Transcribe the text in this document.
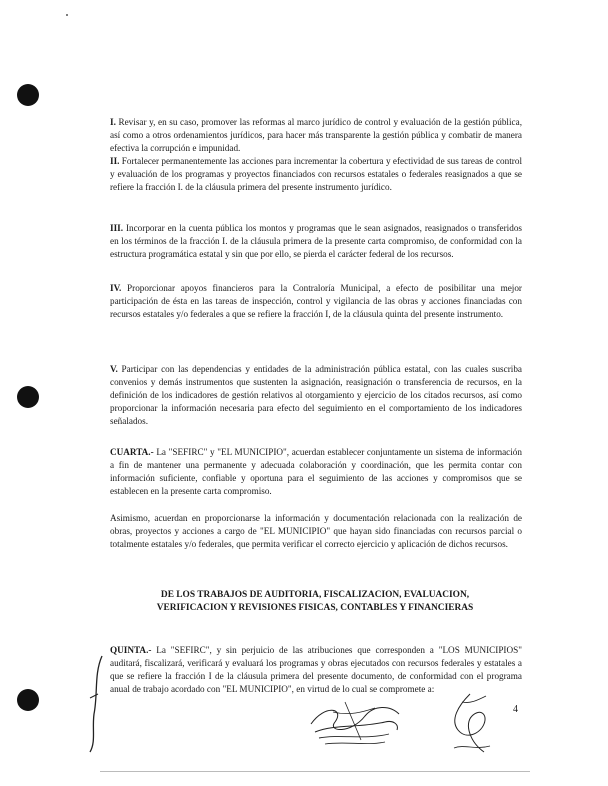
I. Revisar y, en su caso, promover las reformas al marco jurídico de control y evaluación de la gestión pública, así como a otros ordenamientos jurídicos, para hacer más transparente la gestión pública y combatir de manera efectiva la corrupción e impunidad.

II. Fortalecer permanentemente las acciones para incrementar la cobertura y efectividad de sus tareas de control y evaluación de los programas y proyectos financiados con recursos estatales o federales reasignados a que se refiere la fracción I. de la cláusula primera del presente instrumento jurídico.

III. Incorporar en la cuenta pública los montos y programas que le sean asignados, reasignados o transferidos en los términos de la fracción I. de la cláusula primera de la presente carta compromiso, de conformidad con la estructura programática estatal y sin que por ello, se pierda el carácter federal de los recursos.

IV. Proporcionar apoyos financieros para la Contraloría Municipal, a efecto de posibilitar una mejor participación de ésta en las tareas de inspección, control y vigilancia de las obras y acciones financiadas con recursos estatales y/o federales a que se refiere la fracción I, de la cláusula quinta del presente instrumento.

V. Participar con las dependencias y entidades de la administración pública estatal, con las cuales suscriba convenios y demás instrumentos que sustenten la asignación, reasignación o transferencia de recursos, en la definición de los indicadores de gestión relativos al otorgamiento y ejercicio de los citados recursos, así como proporcionar la información necesaria para efecto del seguimiento en el comportamiento de los indicadores señalados.

CUARTA.- La "SEFIRC" y "EL MUNICIPIO", acuerdan establecer conjuntamente un sistema de información a fin de mantener una permanente y adecuada colaboración y coordinación, que les permita contar con información suficiente, confiable y oportuna para el seguimiento de las acciones y compromisos que se establecen en la presente carta compromiso.

Asimismo, acuerdan en proporcionarse la información y documentación relacionada con la realización de obras, proyectos y acciones a cargo de "EL MUNICIPIO" que hayan sido financiadas con recursos parcial o totalmente estatales y/o federales, que permita verificar el correcto ejercicio y aplicación de dichos recursos.

DE LOS TRABAJOS DE AUDITORIA, FISCALIZACION, EVALUACION,
VERIFICACION Y REVISIONES FISICAS, CONTABLES Y FINANCIERAS

QUINTA.- La "SEFIRC", y sin perjuicio de las atribuciones que corresponden a "LOS MUNICIPIOS" auditará, fiscalizará, verificará y evaluará los programas y obras ejecutados con recursos federales y estatales a que se refiere la fracción I de la cláusula primera del presente documento, de conformidad con el programa anual de trabajo acordado con "EL MUNICIPIO", en virtud de lo cual se compromete a:

4
